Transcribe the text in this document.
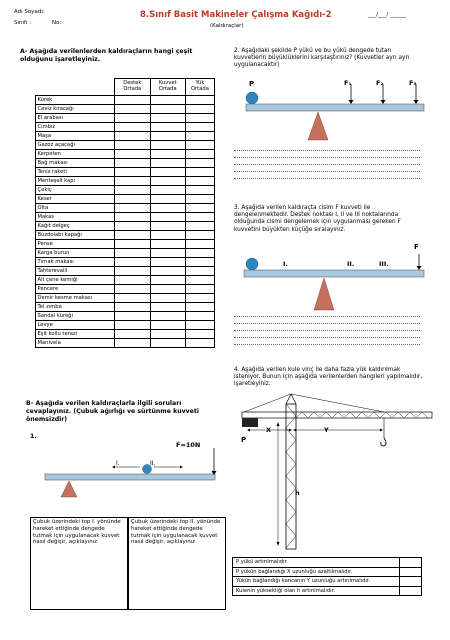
Adı Soyadı:
Sınıfı :	No:
8.Sınıf Basit Makineler Çalışma Kağıdı-2
(Kaldıraçlar)
___/___/ ______
A- Aşağıda verilenlerden kaldıraçların hangi çeşit olduğunu işaretleyiniz.
	Destek Ortada	Kuvvet Ortada	Yük Ortada
Kürek			
Ceviz kıracağı			
El arabası			
Cımbız			
Maşa			
Gazoz açacağı			
Kerpeten			
Bağ makası			
Tenis raketi			
Menteşeli kapı			
Çekiç			
Keser			
Olta			
Makas			
Kağıt delgeç			
Buzdolabı kapağı			
Pense			
Karga burun			
Tırnak makası			
Tahterevalli			
Alt çene kemiği			
Pencere			
Demir kesme makası			
Tel zımba			
Sandal küreği			
Levye			
Eşit kollu terazi			
Manivela			
B- Aşağıda verilen kaldıraçlarla ilgili soruları cevaplayınız. (Çubuk ağırlığı ve sürtünme kuvveti önemsizdir)
1.
F=10N
I.	II.
Çubuk üzerindeki top I. yönünde hareket ettiğinde dengede tutmak için uygulanacak kuvvet nasıl değişir, açıklayınız
Çubuk üzerindeki top II. yönünde hareket ettiğinde dengede tutmak için uygulanacak kuvvet nasıl değişir, açıklayınız
2. Aşağıdaki şekilde P yükü ve bu yükü dengede tutan kuvvetlerin büyüklüklerini karşılaştırınız? (Kuvvetler ayrı ayrı uygulanacaktır)
P	F₁	F₂	F₃
3. Aşağıda verilen kaldıraçta cisim F kuvveti ile dengelenmektedir. Destek noktası I, II ve III noktalarında olduğunda cismi dengelemek için uygulanması gereken F kuvvetini büyükten küçüğe sıralayınız.
F
I.	II.	III.
4. Aşağıda verilen kule vinç ile daha fazla yük kaldırılmak isteniyor. Bunun için aşağıda verilenlerden hangileri yapılmalıdır, işaretleyiniz.
P
X	Y
h
P yükü artırılmalıdır.	
P yükün bağlandığı X uzunluğu azaltılmalıdır.	
Yükün bağlandığı kancanın Y uzunluğu artırılmalıdır.	
Kulenin yüksekliği olan h artırılmalıdır.	
